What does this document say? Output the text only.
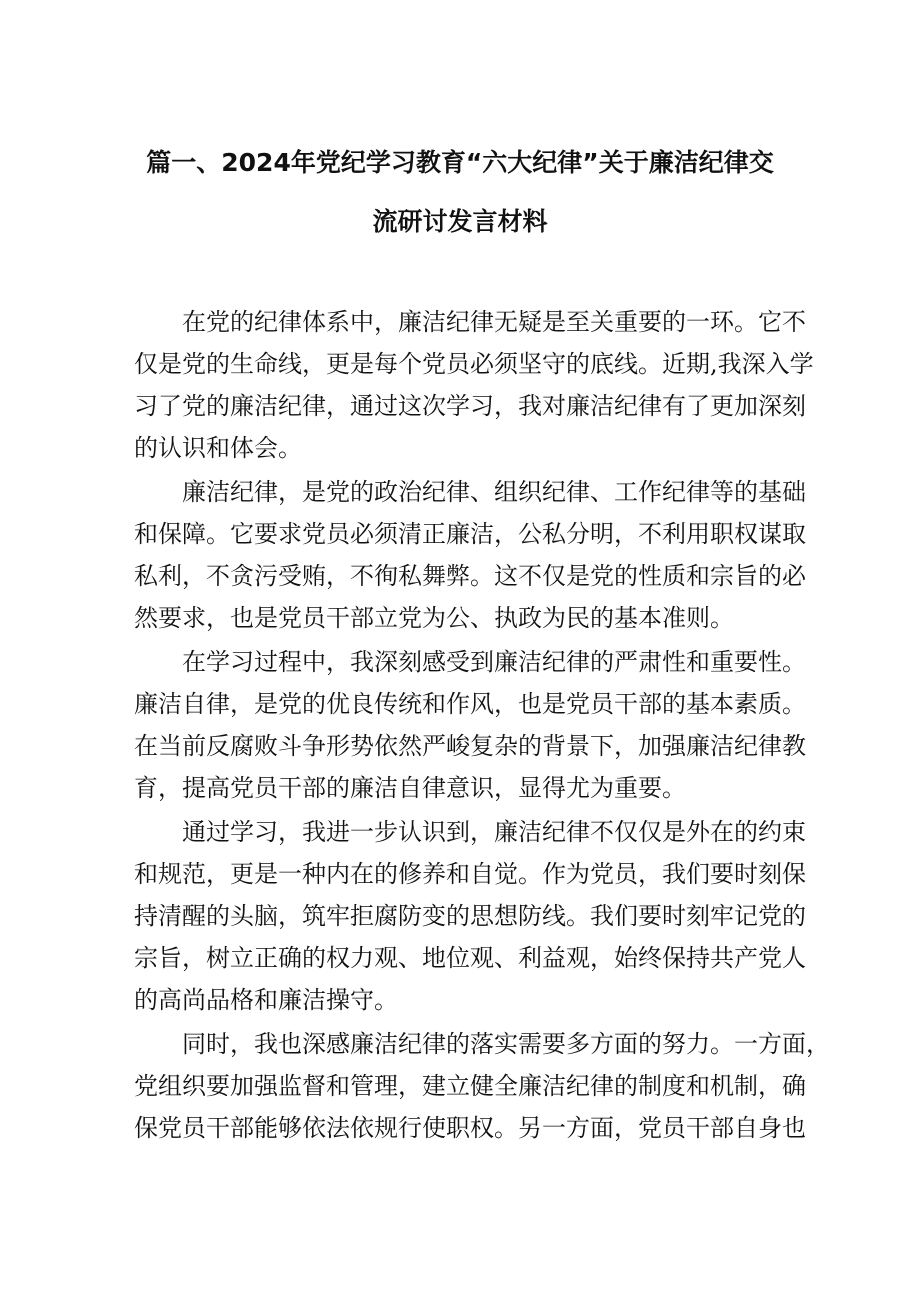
篇一、2024年党纪学习教育“六大纪律”关于廉洁纪律交
流研讨发言材料
在党的纪律体系中，廉洁纪律无疑是至关重要的一环。它不
仅是党的生命线，更是每个党员必须坚守的底线。近期,我深入学
习了党的廉洁纪律，通过这次学习，我对廉洁纪律有了更加深刻
的认识和体会。
廉洁纪律，是党的政治纪律、组织纪律、工作纪律等的基础
和保障。它要求党员必须清正廉洁，公私分明，不利用职权谋取
私利，不贪污受贿，不徇私舞弊。这不仅是党的性质和宗旨的必
然要求，也是党员干部立党为公、执政为民的基本准则。
在学习过程中，我深刻感受到廉洁纪律的严肃性和重要性。
廉洁自律，是党的优良传统和作风，也是党员干部的基本素质。
在当前反腐败斗争形势依然严峻复杂的背景下，加强廉洁纪律教
育，提高党员干部的廉洁自律意识，显得尤为重要。
通过学习，我进一步认识到，廉洁纪律不仅仅是外在的约束
和规范，更是一种内在的修养和自觉。作为党员，我们要时刻保
持清醒的头脑，筑牢拒腐防变的思想防线。我们要时刻牢记党的
宗旨，树立正确的权力观、地位观、利益观，始终保持共产党人
的高尚品格和廉洁操守。
同时，我也深感廉洁纪律的落实需要多方面的努力。一方面，
党组织要加强监督和管理，建立健全廉洁纪律的制度和机制，确
保党员干部能够依法依规行使职权。另一方面，党员干部自身也
